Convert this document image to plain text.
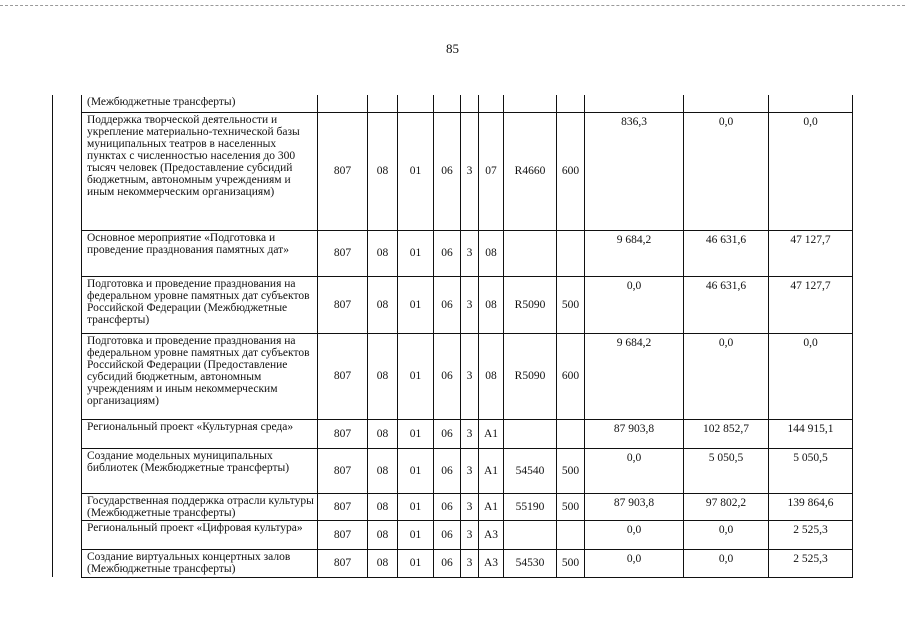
85
	(Межбюджетные трансферты)											
	Поддержка творческой деятельности и укрепление материально-технической базы муниципальных театров в населенных пунктах с численностью населения до 300 тысяч человек (Предоставление субсидий бюджетным, автономным учреждениям и иным некоммерческим организациям)	807	08	01	06	3	07	R4660	600	836,3	0,0	0,0
	Основное мероприятие «Подготовка и проведение празднования памятных дат»	807	08	01	06	3	08			9 684,2	46 631,6	47 127,7
	Подготовка и проведение празднования на федеральном уровне памятных дат субъектов Российской Федерации (Межбюджетные трансферты)	807	08	01	06	3	08	R5090	500	0,0	46 631,6	47 127,7
	Подготовка и проведение празднования на федеральном уровне памятных дат субъектов Российской Федерации (Предоставление субсидий бюджетным, автономным учреждениям и иным некоммерческим организациям)	807	08	01	06	3	08	R5090	600	9 684,2	0,0	0,0
	Региональный проект «Культурная среда»	807	08	01	06	3	А1			87 903,8	102 852,7	144 915,1
	Создание модельных муниципальных библиотек (Межбюджетные трансферты)	807	08	01	06	3	А1	54540	500	0,0	5 050,5	5 050,5
	Государственная поддержка отрасли культуры (Межбюджетные трансферты)	807	08	01	06	3	А1	55190	500	87 903,8	97 802,2	139 864,6
	Региональный проект «Цифровая культура»	807	08	01	06	3	А3			0,0	0,0	2 525,3
	Создание виртуальных концертных залов (Межбюджетные трансферты)	807	08	01	06	3	А3	54530	500	0,0	0,0	2 525,3
